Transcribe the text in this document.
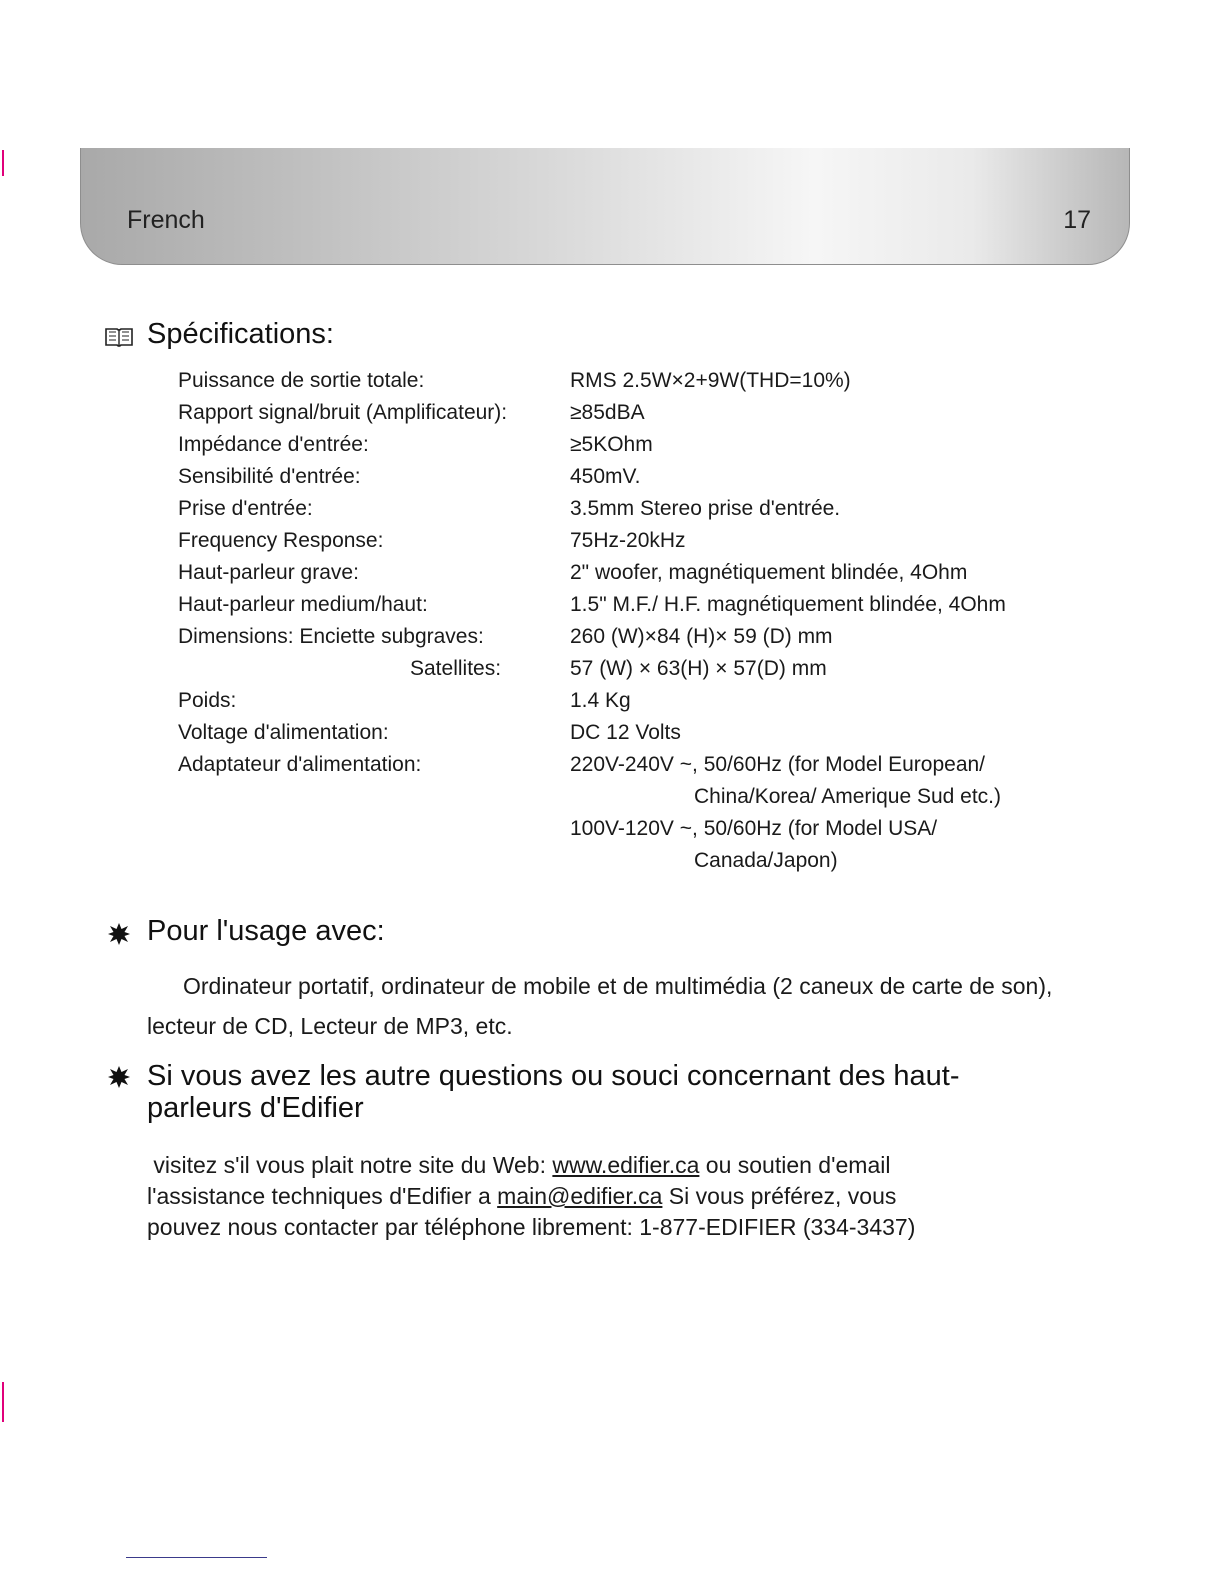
French	17
Spécifications:
Puissance de sortie totale:	RMS 2.5W×2+9W(THD=10%)
Rapport signal/bruit (Amplificateur):	≥85dBA
Impédance d'entrée:	≥5KOhm
Sensibilité d'entrée:	450mV.
Prise d'entrée:	3.5mm Stereo prise d'entrée.
Frequency Response:	75Hz-20kHz
Haut-parleur grave:	2" woofer, magnétiquement blindée, 4Ohm
Haut-parleur medium/haut:	1.5" M.F./ H.F. magnétiquement blindée, 4Ohm
Dimensions: Enciette subgraves:	260 (W)×84 (H)× 59 (D) mm
Satellites:	57 (W) × 63(H) × 57(D) mm
Poids:	1.4 Kg
Voltage d'alimentation:	DC 12 Volts
Adaptateur d'alimentation:	220V-240V ~, 50/60Hz (for Model European/
China/Korea/ Amerique Sud etc.)
100V-120V ~, 50/60Hz (for Model USA/
Canada/Japon)
Pour l'usage avec:
Ordinateur portatif, ordinateur de mobile et de multimédia (2 caneux de carte de son), lecteur de CD, Lecteur de MP3, etc.
Si vous avez les autre questions ou souci concernant des haut-parleurs d'Edifier
visitez s'il vous plait notre site du Web: www.edifier.ca ou soutien d'email
l'assistance techniques d'Edifier a main@edifier.ca Si vous préférez, vous
pouvez nous contacter par téléphone librement: 1-877-EDIFIER (334-3437)
